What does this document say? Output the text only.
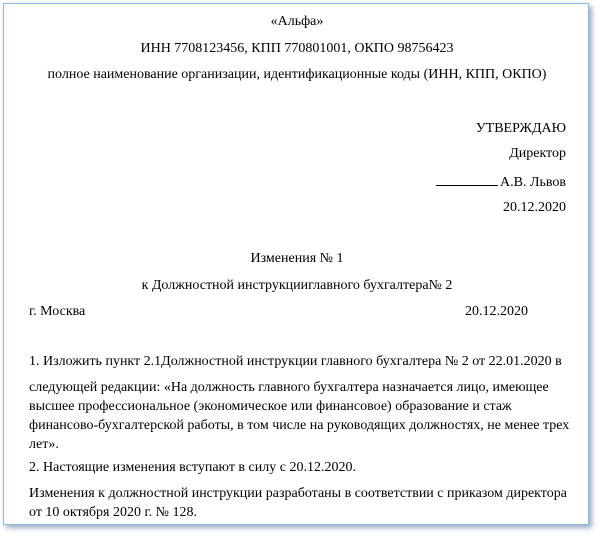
«Альфа»
ИНН 7708123456, КПП 770801001, ОКПО 98756423
полное наименование организации, идентификационные коды (ИНН, КПП, ОКПО)
УТВЕРЖДАЮ
Директор
А.В. Львов
20.12.2020
Изменения № 1
к Должностной инструкцииглавного бухгалтера№ 2
г. Москва	20.12.2020
1. Изложить пункт 2.1Должностной инструкции главного бухгалтера № 2 от 22.01.2020 в
следующей редакции: «На должность главного бухгалтера назначается лицо, имеющее
высшее профессиональное (экономическое или финансовое) образование и стаж
финансово-бухгалтерской работы, в том числе на руководящих должностях, не менее трех
лет».
2. Настоящие изменения вступают в силу с 20.12.2020.
Изменения к должностной инструкции разработаны в соответствии с приказом директора
от 10 октября 2020 г. № 128.
